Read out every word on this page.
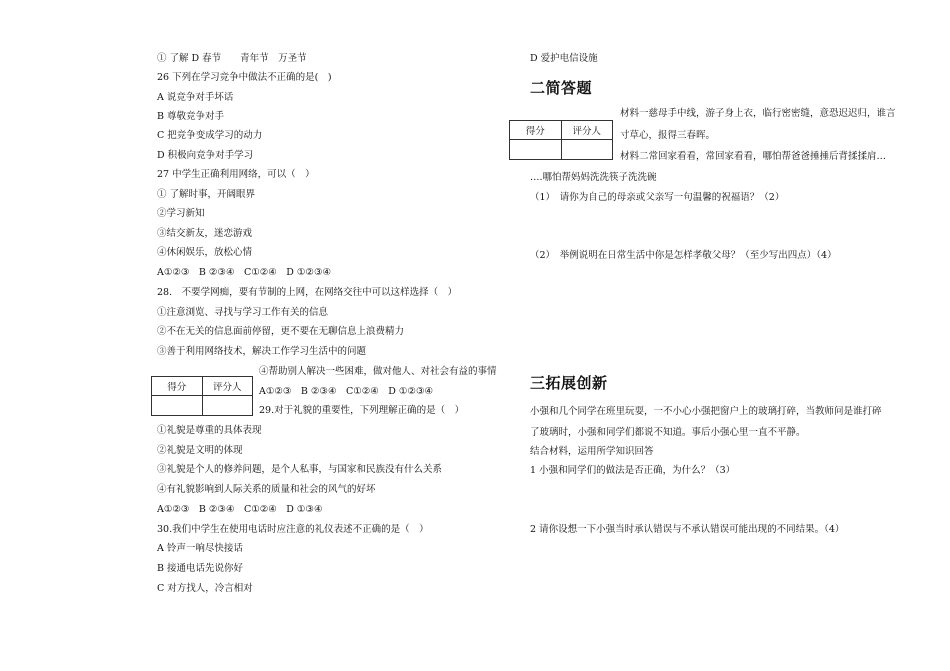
① 了解 D 春节　　青年节　万圣节
26 下列在学习竞争中做法不正确的是(　)
A 说竞争对手坏话
B 尊敬竞争对手
C 把竞争变成学习的动力
D 积极向竞争对手学习
27 中学生正确利用网络，可以（　）
① 了解时事，开阔眼界
②学习新知
③结交新友，迷恋游戏
④休闲娱乐，放松心情
A①②③　B ②③④　C①②④　D ①②③④
28.　不要学网痴，要有节制的上网，在网络交往中可以这样选择（　）
①注意浏览、寻找与学习工作有关的信息
②不在无关的信息面前停留，更不要在无聊信息上浪费精力
③善于利用网络技术，解决工作学习生活中的问题
得分	评分人

④帮助别人解决一些困难，做对他人、对社会有益的事情
A①②③　B ②③④　C①②④　D ①②③④
29.对于礼貌的重要性，下列理解正确的是（　）
①礼貌是尊重的具体表现
②礼貌是文明的体现
③礼貌是个人的修养问题，是个人私事，与国家和民族没有什么关系
④有礼貌影响到人际关系的质量和社会的风气的好坏
A①②③　B ②③④　C①②④　D ①③④
30.我们中学生在使用电话时应注意的礼仪表述不正确的是（　）
A 铃声一响尽快接话
B 接通电话先说你好
C 对方找人，冷言相对
D 爱护电信设施
二简答题
得分	评分人

材料一慈母手中线，游子身上衣，临行密密缝，意恐迟迟归，谁言
寸草心，报得三春晖。
材料二常回家看看，常回家看看，哪怕帮爸爸捶捶后背揉揉肩…
….哪怕帮妈妈洗洗筷子洗洗碗
（1）　请你为自己的母亲或父亲写一句温馨的祝福语？（2）
（2）　举例说明在日常生活中你是怎样孝敬父母？（至少写出四点）（4）
三拓展创新
小强和几个同学在班里玩耍，一不小心小强把窗户上的玻璃打碎，当教师问是谁打碎
了玻璃时，小强和同学们都说不知道。事后小强心里一直不平静。
结合材料，运用所学知识回答
1 小强和同学们的做法是否正确，为什么？（3）
2 请你设想一下小强当时承认错误与不承认错误可能出现的不同结果。（4）
